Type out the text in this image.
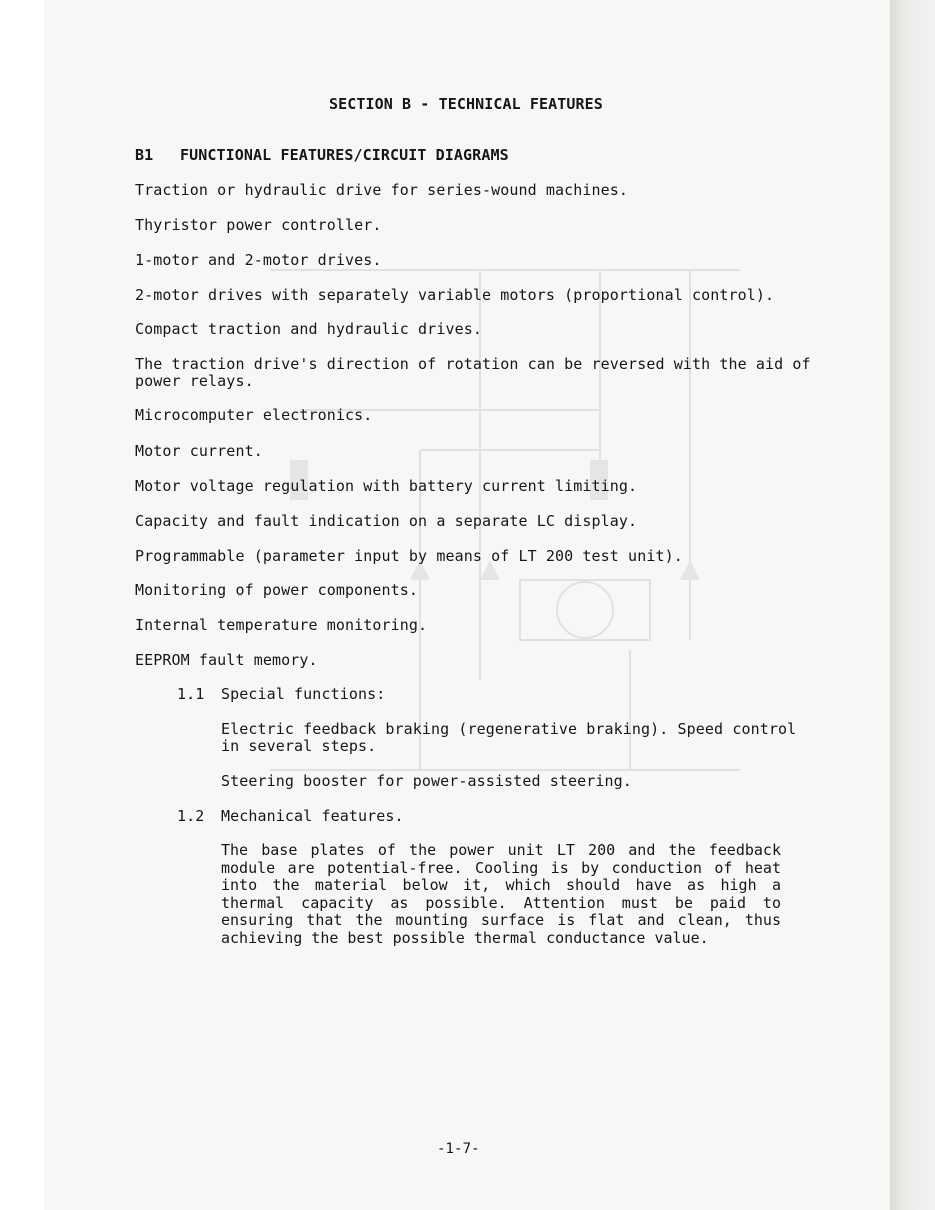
SECTION B - TECHNICAL FEATURES
B1 FUNCTIONAL FEATURES/CIRCUIT DIAGRAMS
Traction or hydraulic drive for series-wound machines.
Thyristor power controller.
1-motor and 2-motor drives.
2-motor drives with separately variable motors (proportional control).
Compact traction and hydraulic drives.
The traction drive's direction of rotation can be reversed with the aid of
power relays.
Microcomputer electronics.
Motor current.
Motor voltage regulation with battery current limiting.
Capacity and fault indication on a separate LC display.
Programmable (parameter input by means of LT 200 test unit).
Monitoring of power components.
Internal temperature monitoring.
EEPROM fault memory.
1.1 Special functions:
Electric feedback braking (regenerative braking). Speed control
in several steps.
Steering booster for power-assisted steering.
1.2 Mechanical features.
The base plates of the power unit LT 200 and the feedback module are potential-free. Cooling is by conduction of heat into the material below it, which should have as high a thermal capacity as possible. Attention must be paid to ensuring that the mounting surface is flat and clean, thus achieving the best possible thermal conductance value.
-1-7-
